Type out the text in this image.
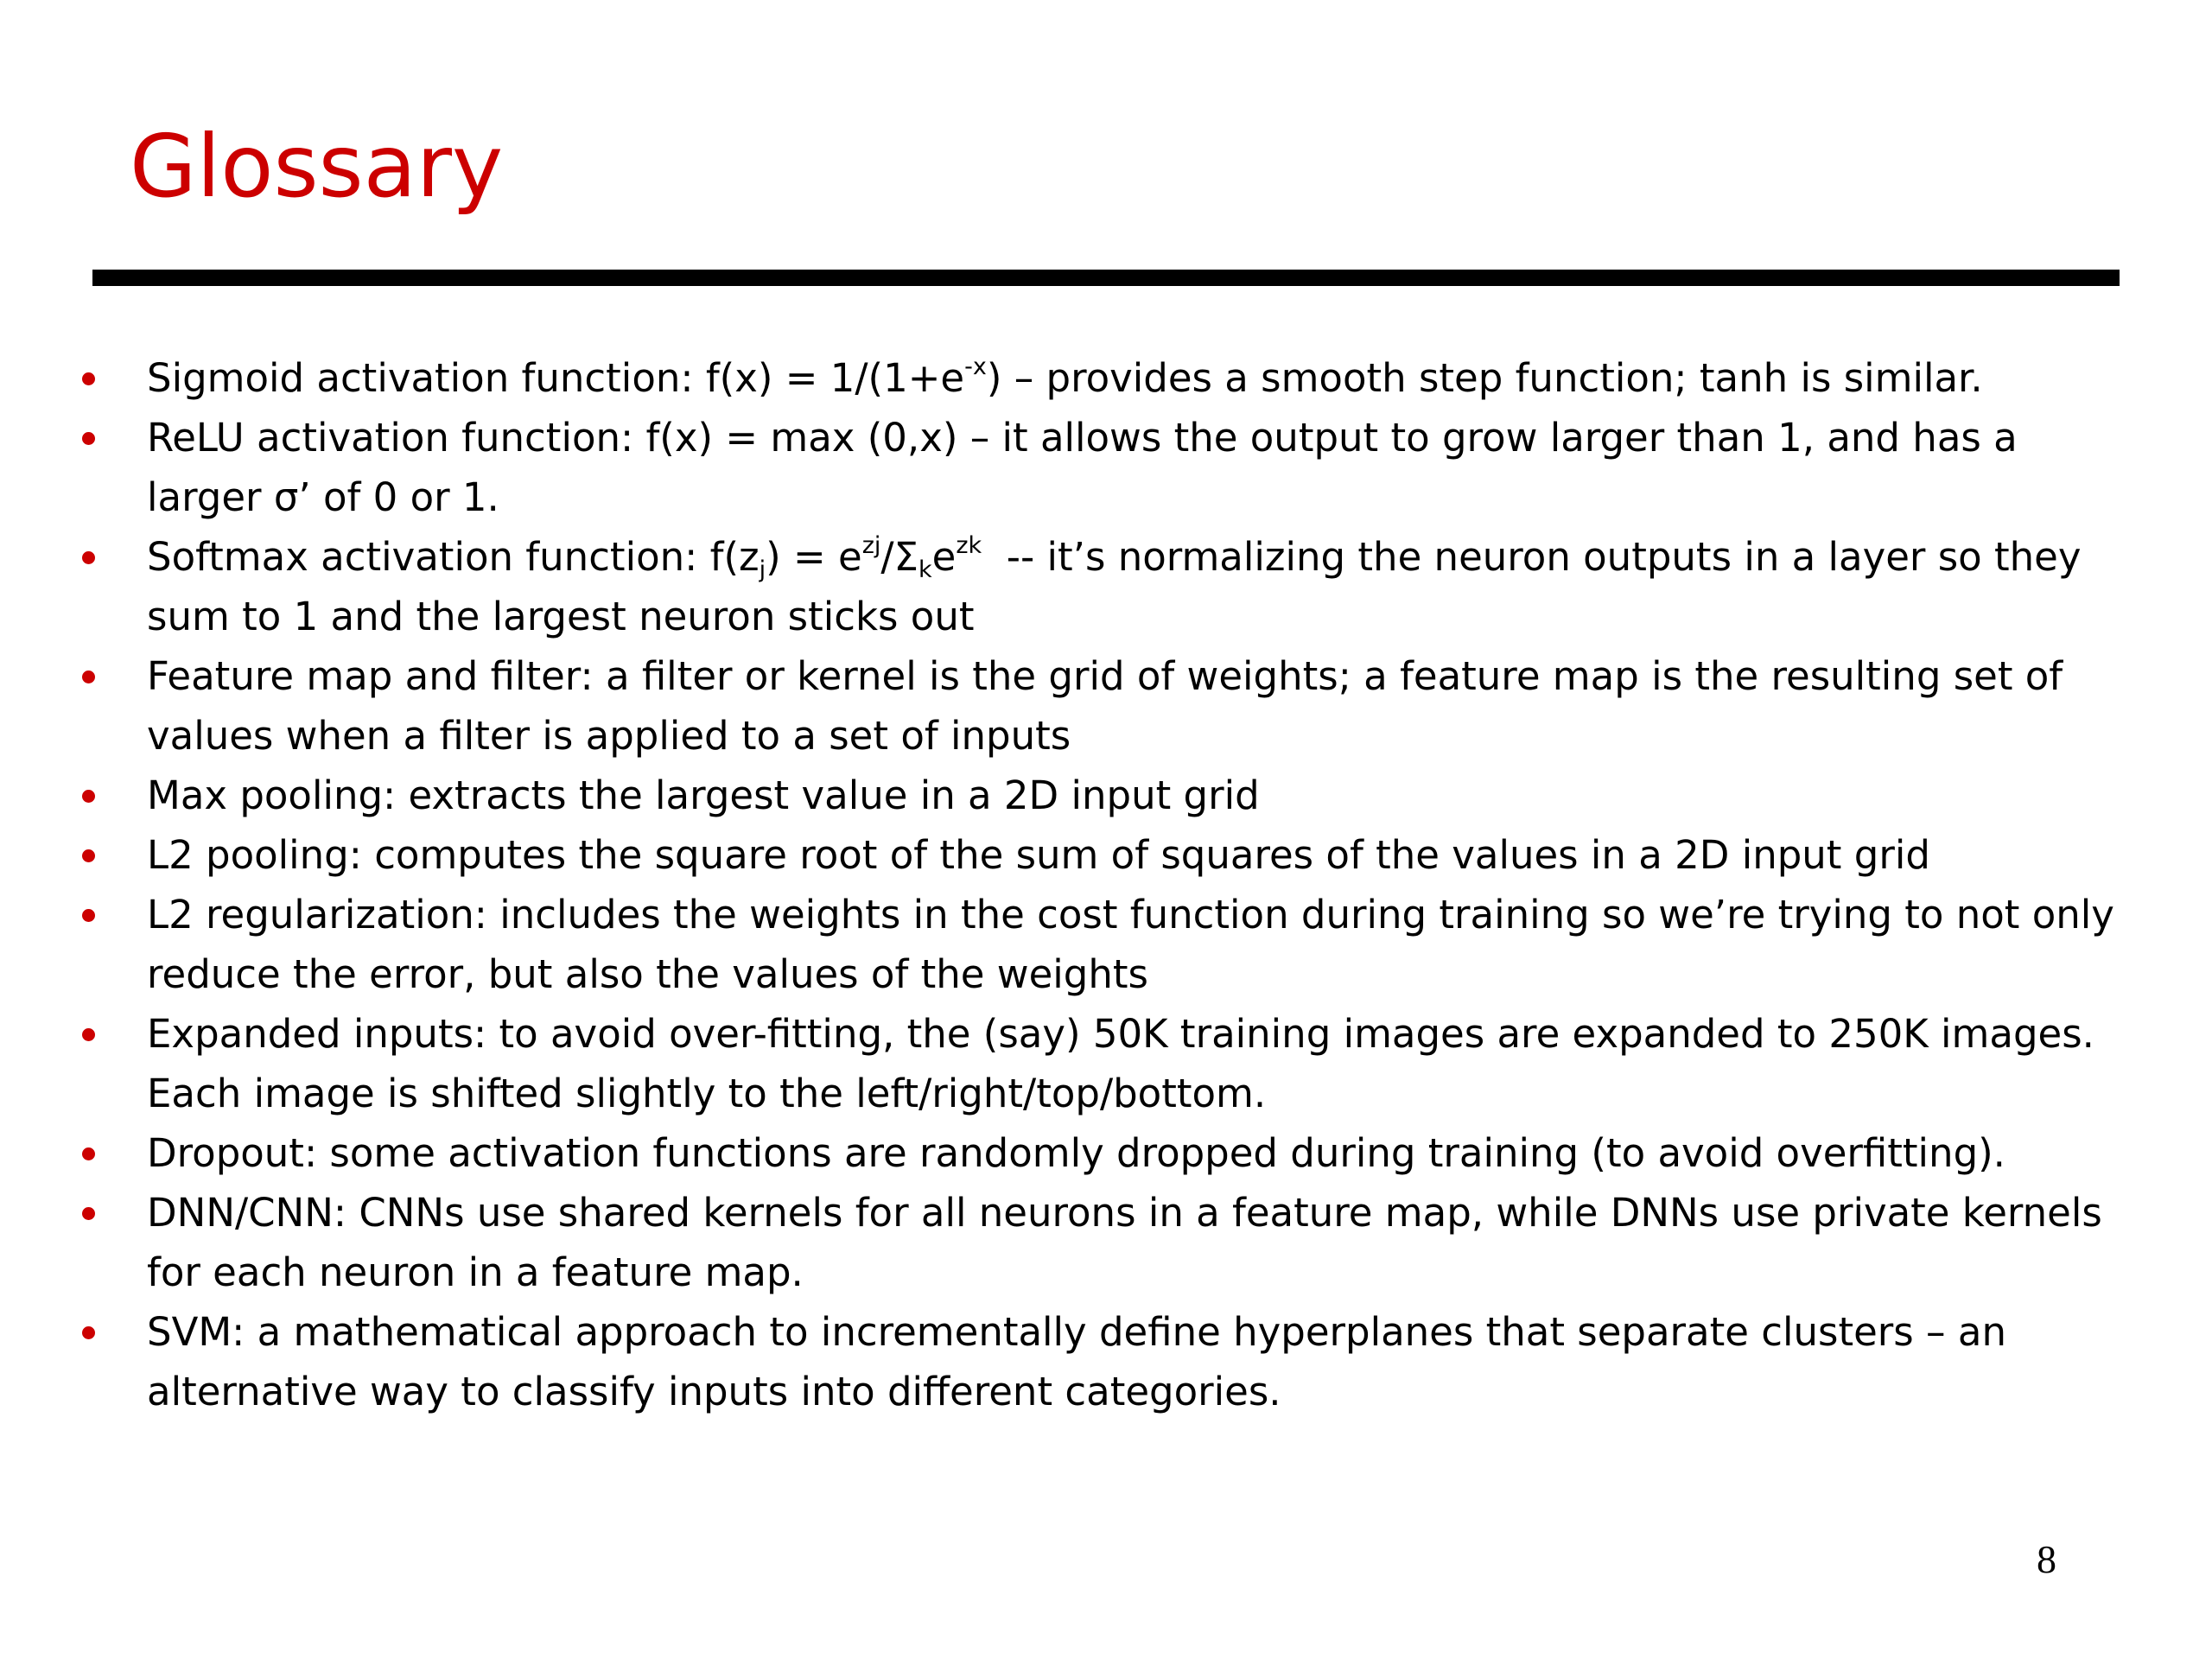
Glossary
Sigmoid activation function: $f(x) = 1/(1+e^{-x})$ – provides a smooth step function; tanh is similar.
ReLU activation function: f(x) = max (0,x) – it allows the output to grow larger than 1, and has a
larger σ’ of 0 or 1.
Softmax activation function: $f(z_j) = e^{zj}/\Sigma_ke^{zk}$  -- it’s normalizing the neuron outputs in a layer so they
sum to 1 and the largest neuron sticks out
Feature map and filter: a filter or kernel is the grid of weights; a feature map is the resulting set of
values when a filter is applied to a set of inputs
Max pooling: extracts the largest value in a 2D input grid
L2 pooling: computes the square root of the sum of squares of the values in a 2D input grid
L2 regularization: includes the weights in the cost function during training so we’re trying to not only
reduce the error, but also the values of the weights
Expanded inputs: to avoid over-fitting, the (say) 50K training images are expanded to 250K images.
Each image is shifted slightly to the left/right/top/bottom.
Dropout: some activation functions are randomly dropped during training (to avoid overfitting).
DNN/CNN: CNNs use shared kernels for all neurons in a feature map, while DNNs use private kernels
for each neuron in a feature map.
SVM: a mathematical approach to incrementally define hyperplanes that separate clusters – an
alternative way to classify inputs into different categories.
8
